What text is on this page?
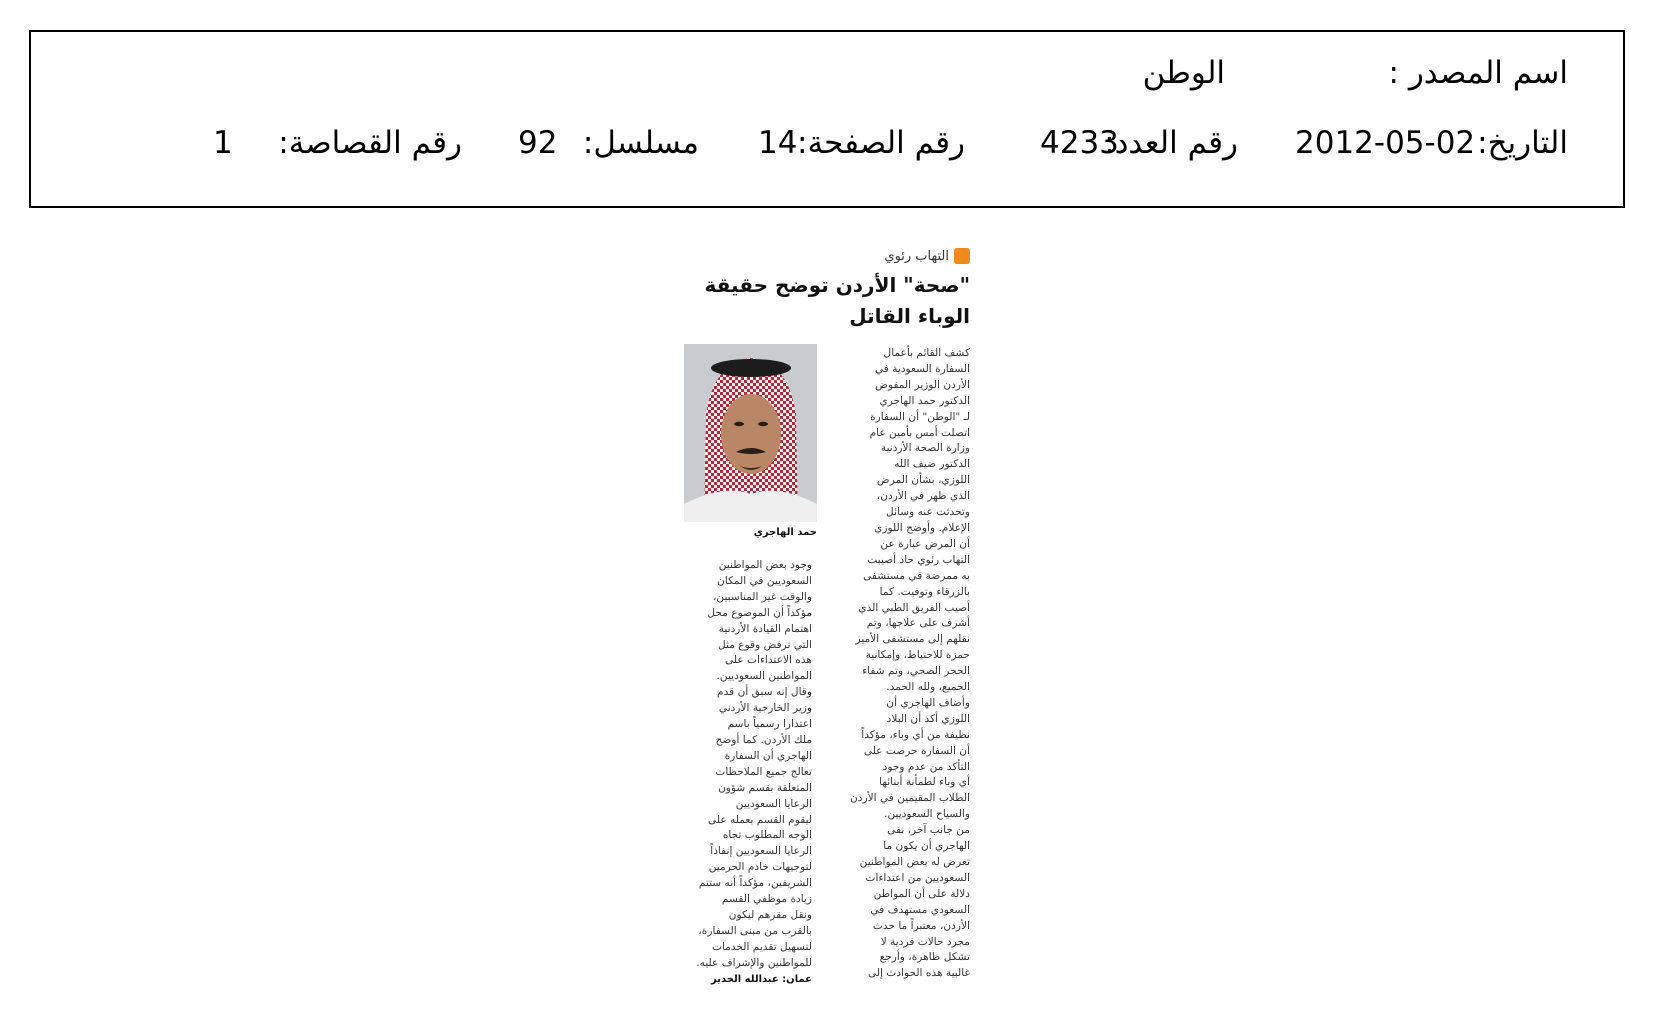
اسم المصدر :
الوطن
التاريخ:
2012-05-02
رقم العدد:
4233
رقم الصفحة:
14
مسلسل:
92
رقم القصاصة:
1
التهاب رئوي
"صحة" الأردن توضح حقيقة
الوباء القاتل
كشف القائم بأعمال
السفارة السعودية في
الأردن الوزير المفوض
الدكتور حمد الهاجري
لـ "الوطن" أن السفارة
اتصلت أمس بأمين عام
وزارة الصحة الأردنية
الدكتور ضيف الله
اللوزي، بشأن المرض
الذي ظهر في الأردن،
وتحدثت عنه وسائل
الإعلام. وأوضح اللوزي
أن المرض عبارة عن
التهاب رئوي حاد أصيبت
به ممرضة في مستشفى
بالزرقاء وتوفيت. كما
أصيب الفريق الطبي الذي
أشرف على علاجها، وتم
نقلهم إلى مستشفى الأمير
حمزة للاحتياط، وإمكانية
الحجر الصحي، وتم شفاء
الجميع، ولله الحمد.
وأضاف الهاجري أن
اللوزي أكد أن البلاد
نظيفة من أي وباء، مؤكداً
أن السفارة حرصت على
التأكد من عدم وجود
أي وباء لطمأنة أبنائها
الطلاب المقيمين في الأردن
والسياح السعوديين.
من جانب آخر، نفى
الهاجري أن يكون ما
تعرض له بعض المواطنين
السعوديين من اعتداءات
دلالة على أن المواطن
السعودي مستهدف في
الأردن، معتبراً ما حدث
مجرد حالات فردية لا
تشكل ظاهرة، وأرجع
غالبية هذه الحوادث إلى
حمد الهاجري
وجود بعض المواطنين
السعوديين في المكان
والوقت غير المناسبين،
مؤكداً أن الموضوع محل
اهتمام القيادة الأردنية
التي ترفض وقوع مثل
هذه الاعتداءات على
المواطنين السعوديين.
وقال إنه سبق أن قدم
وزير الخارجية الأردني
اعتذارا رسمياً باسم
ملك الأردن. كما أوضح
الهاجري أن السفارة
تعالج جميع الملاحظات
المتعلقة بقسم شؤون
الرعايا السعوديين
ليقوم القسم بعمله على
الوجه المطلوب تجاه
الرعايا السعوديين إنفاذاً
لتوجيهات خادم الحرمين
الشريفين، مؤكداً أنه ستتم
زيادة موظفي القسم
ونقل مقرهم ليكون
بالقرب من مبنى السفارة،
لتسهيل تقديم الخدمات
للمواطنين والإشراف عليه.
عمان: عبدالله الخدير
